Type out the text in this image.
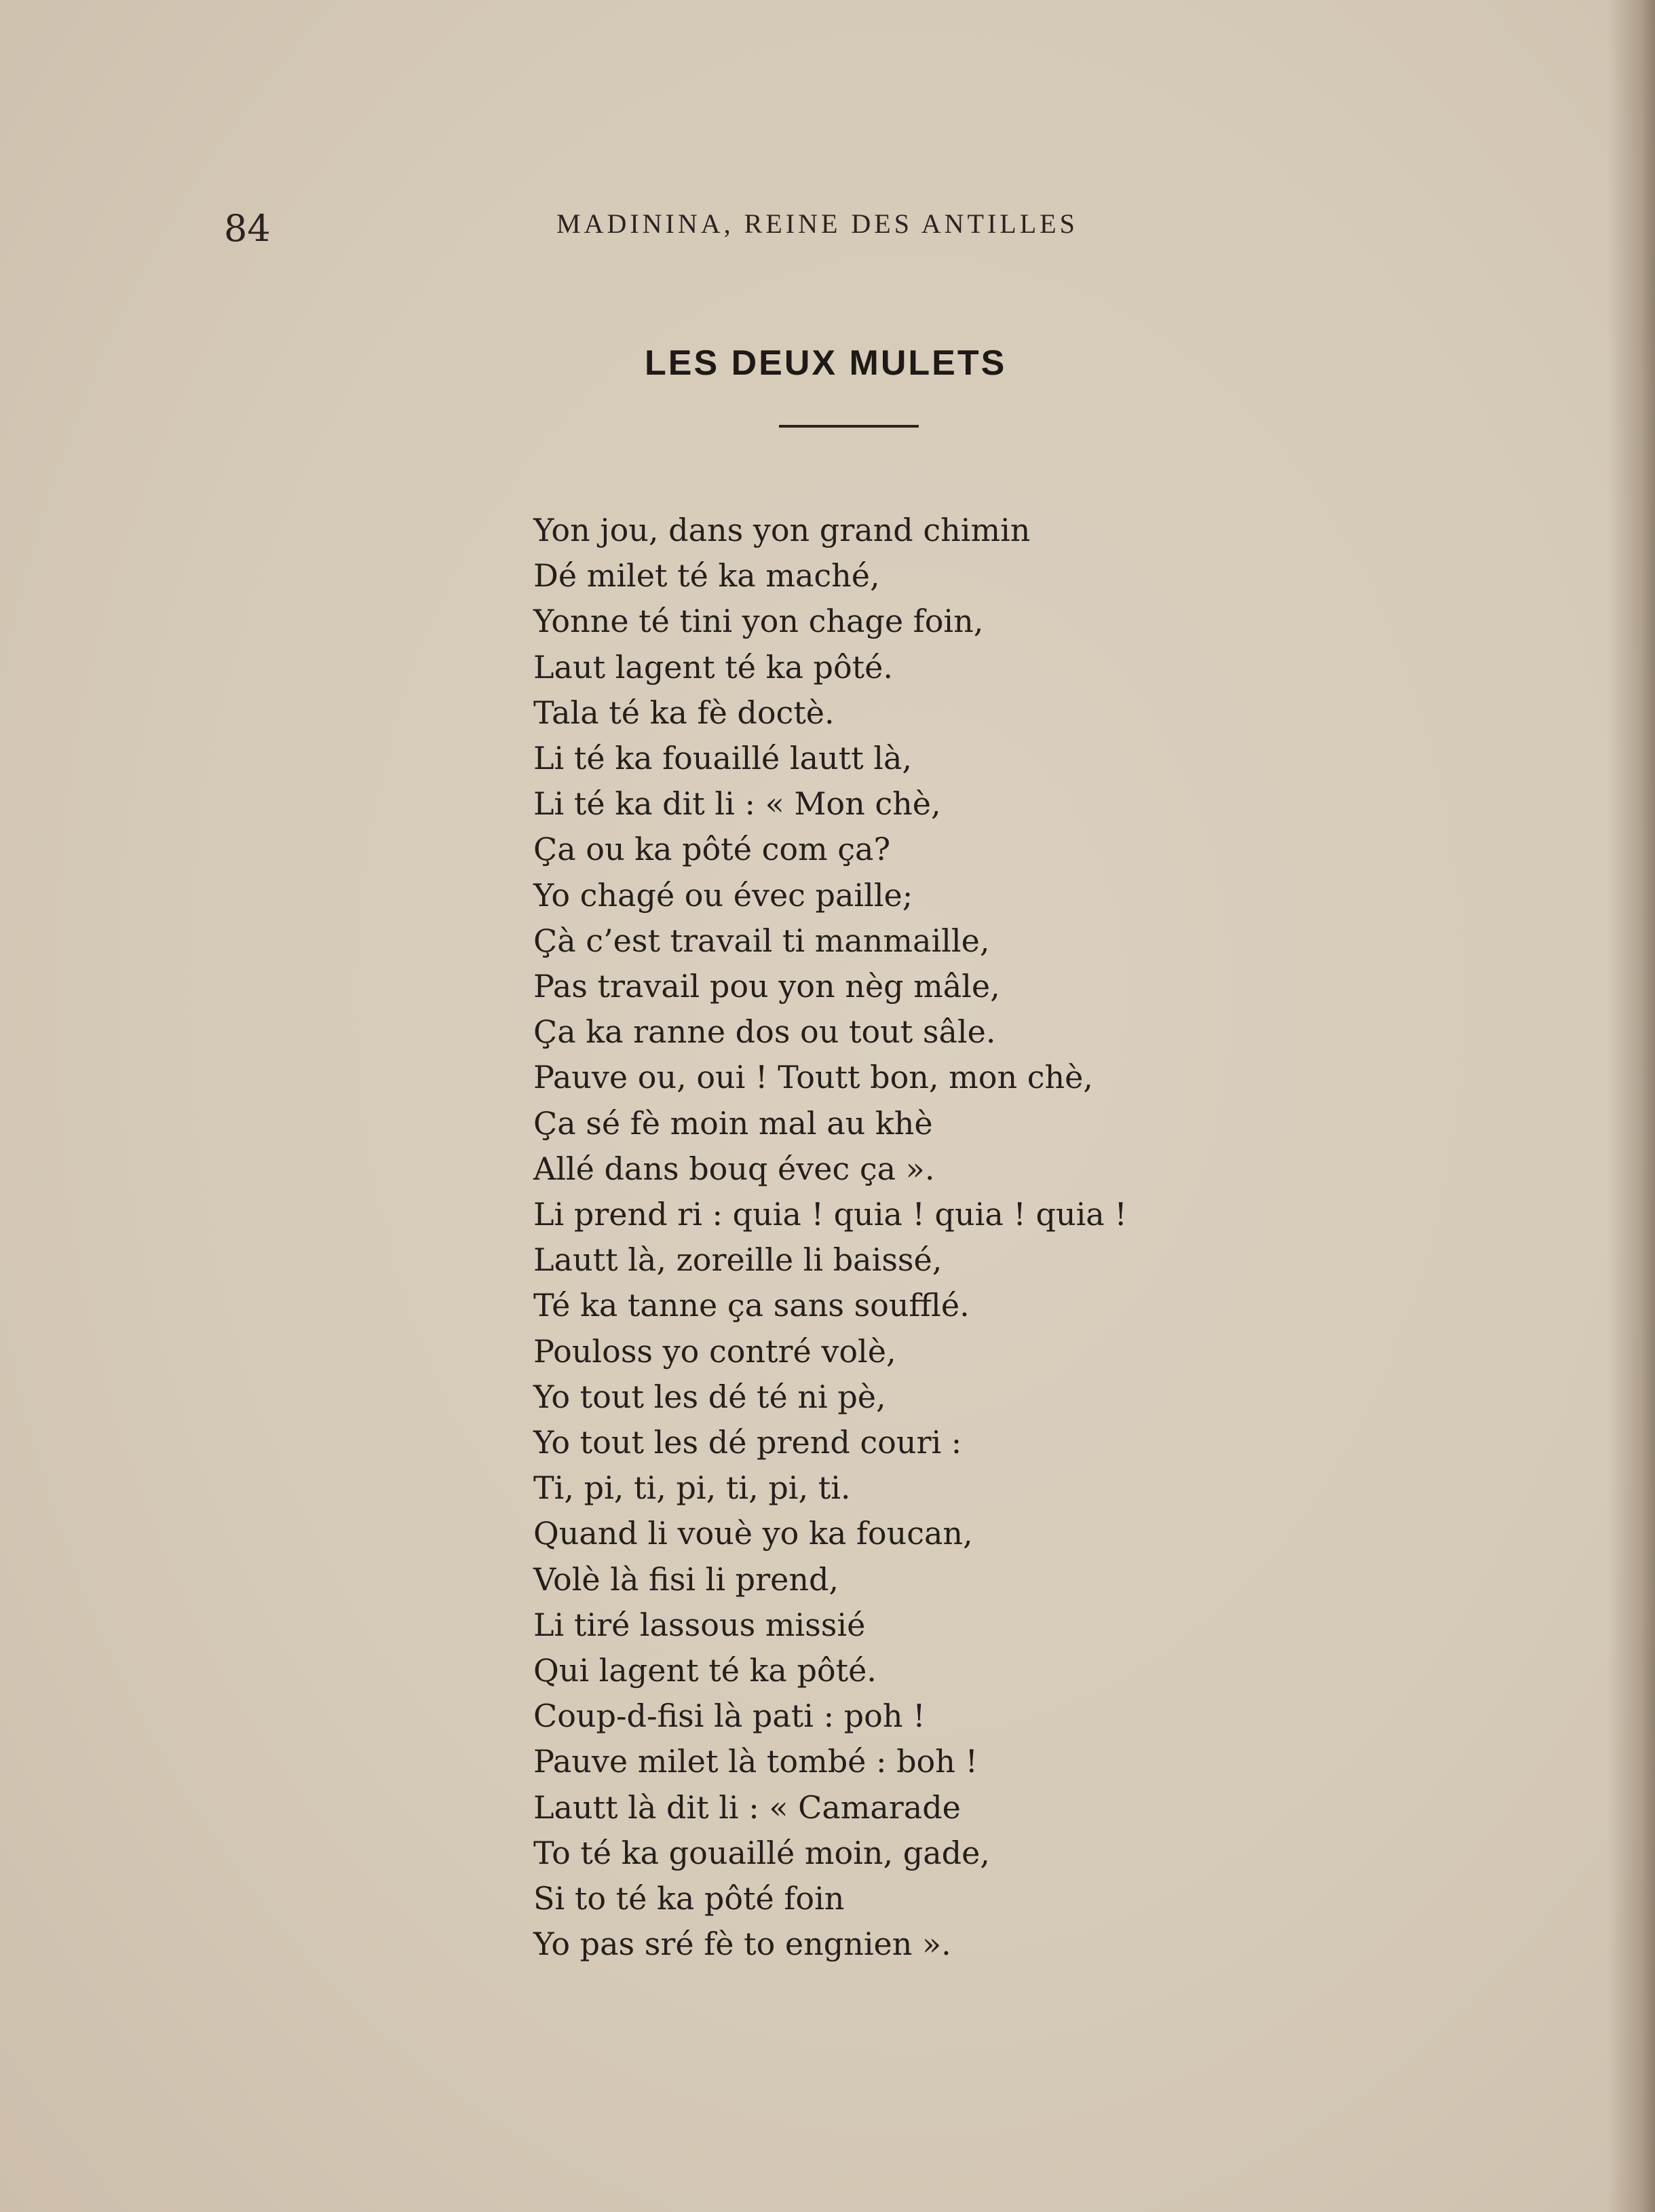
84	MADININA, REINE DES ANTILLES
LES DEUX MULETS
Yon jou, dans yon grand chimin
Dé milet té ka maché,
Yonne té tini yon chage foin,
Laut lagent té ka pôté.
Tala té ka fè doctè.
Li té ka fouaillé lautt là,
Li té ka dit li : « Mon chè,
Ça ou ka pôté com ça?
Yo chagé ou évec paille;
Çà c’est travail ti manmaille,
Pas travail pou yon nèg mâle,
Ça ka ranne dos ou tout sâle.
Pauve ou, oui ! Toutt bon, mon chè,
Ça sé fè moin mal au khè
Allé dans bouq évec ça ».
Li prend ri : quia ! quia ! quia ! quia !
Lautt là, zoreille li baissé,
Té ka tanne ça sans soufflé.
Pouloss yo contré volè,
Yo tout les dé té ni pè,
Yo tout les dé prend couri :
Ti, pi, ti, pi, ti, pi, ti.
Quand li vouè yo ka foucan,
Volè là fisi li prend,
Li tiré lassous missié
Qui lagent té ka pôté.
Coup-d-fisi là pati : poh !
Pauve milet là tombé : boh !
Lautt là dit li : « Camarade
To té ka gouaillé moin, gade,
Si to té ka pôté foin
Yo pas sré fè to engnien ».
